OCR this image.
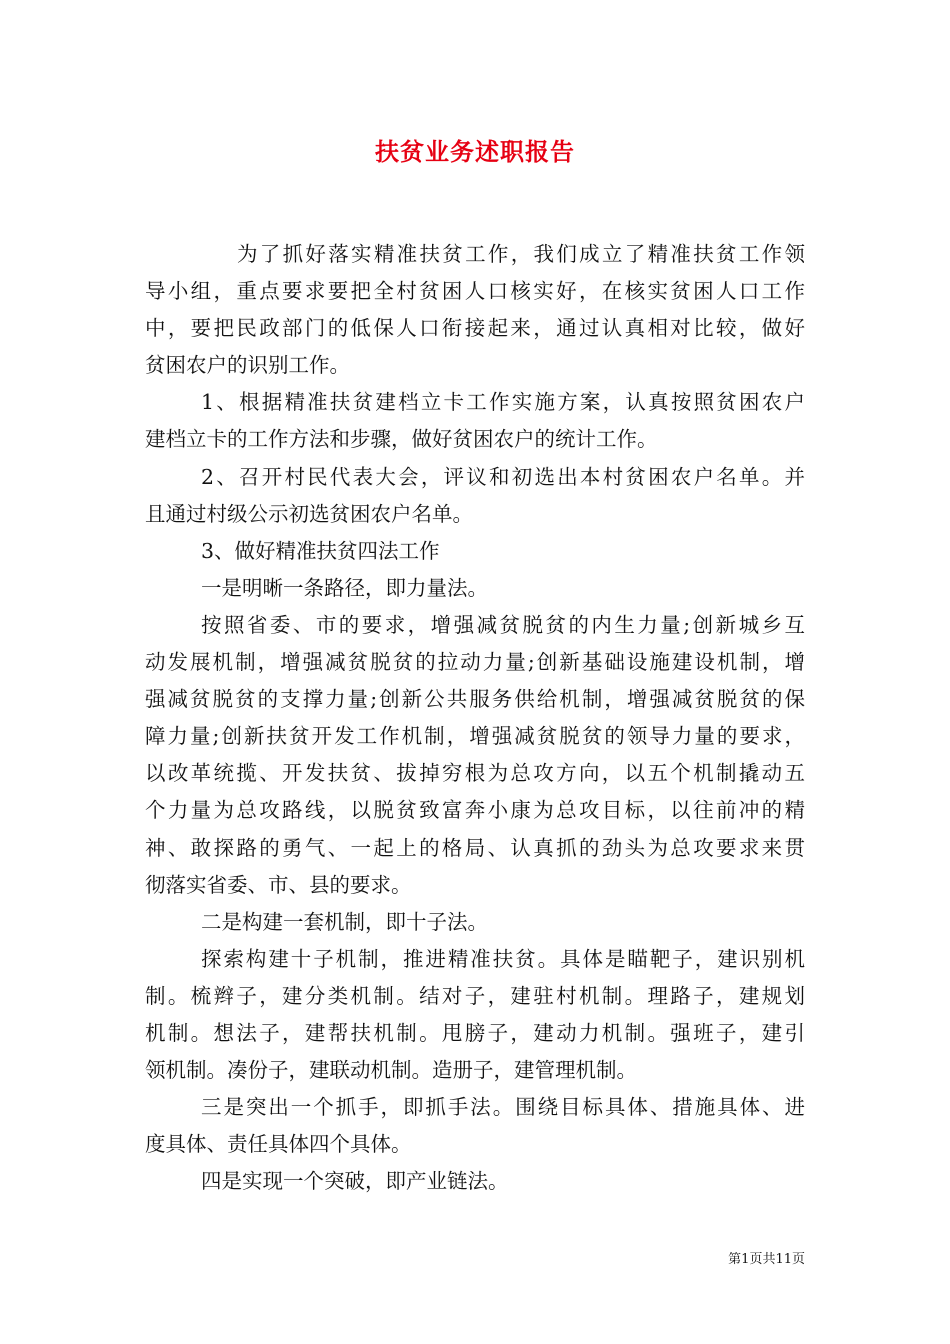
扶贫业务述职报告
为了抓好落实精准扶贫工作，我们成立了精准扶贫工作领
导小组，重点要求要把全村贫困人口核实好，在核实贫困人口工作
中，要把民政部门的低保人口衔接起来，通过认真相对比较，做好
贫困农户的识别工作。
1、根据精准扶贫建档立卡工作实施方案，认真按照贫困农户
建档立卡的工作方法和步骤，做好贫困农户的统计工作。
2、召开村民代表大会，评议和初选出本村贫困农户名单。并
且通过村级公示初选贫困农户名单。
3、做好精准扶贫四法工作
一是明晰一条路径，即力量法。
按照省委、市的要求，增强减贫脱贫的内生力量;创新城乡互
动发展机制，增强减贫脱贫的拉动力量;创新基础设施建设机制，增
强减贫脱贫的支撑力量;创新公共服务供给机制，增强减贫脱贫的保
障力量;创新扶贫开发工作机制，增强减贫脱贫的领导力量的要求，
以改革统揽、开发扶贫、拔掉穷根为总攻方向，以五个机制撬动五
个力量为总攻路线，以脱贫致富奔小康为总攻目标，以往前冲的精
神、敢探路的勇气、一起上的格局、认真抓的劲头为总攻要求来贯
彻落实省委、市、县的要求。
二是构建一套机制，即十子法。
探索构建十子机制，推进精准扶贫。具体是瞄靶子，建识别机
制。梳辫子，建分类机制。结对子，建驻村机制。理路子，建规划
机制。想法子，建帮扶机制。甩膀子，建动力机制。强班子，建引
领机制。凑份子，建联动机制。造册子，建管理机制。
三是突出一个抓手，即抓手法。围绕目标具体、措施具体、进
度具体、责任具体四个具体。
四是实现一个突破，即产业链法。
第1页共11页
